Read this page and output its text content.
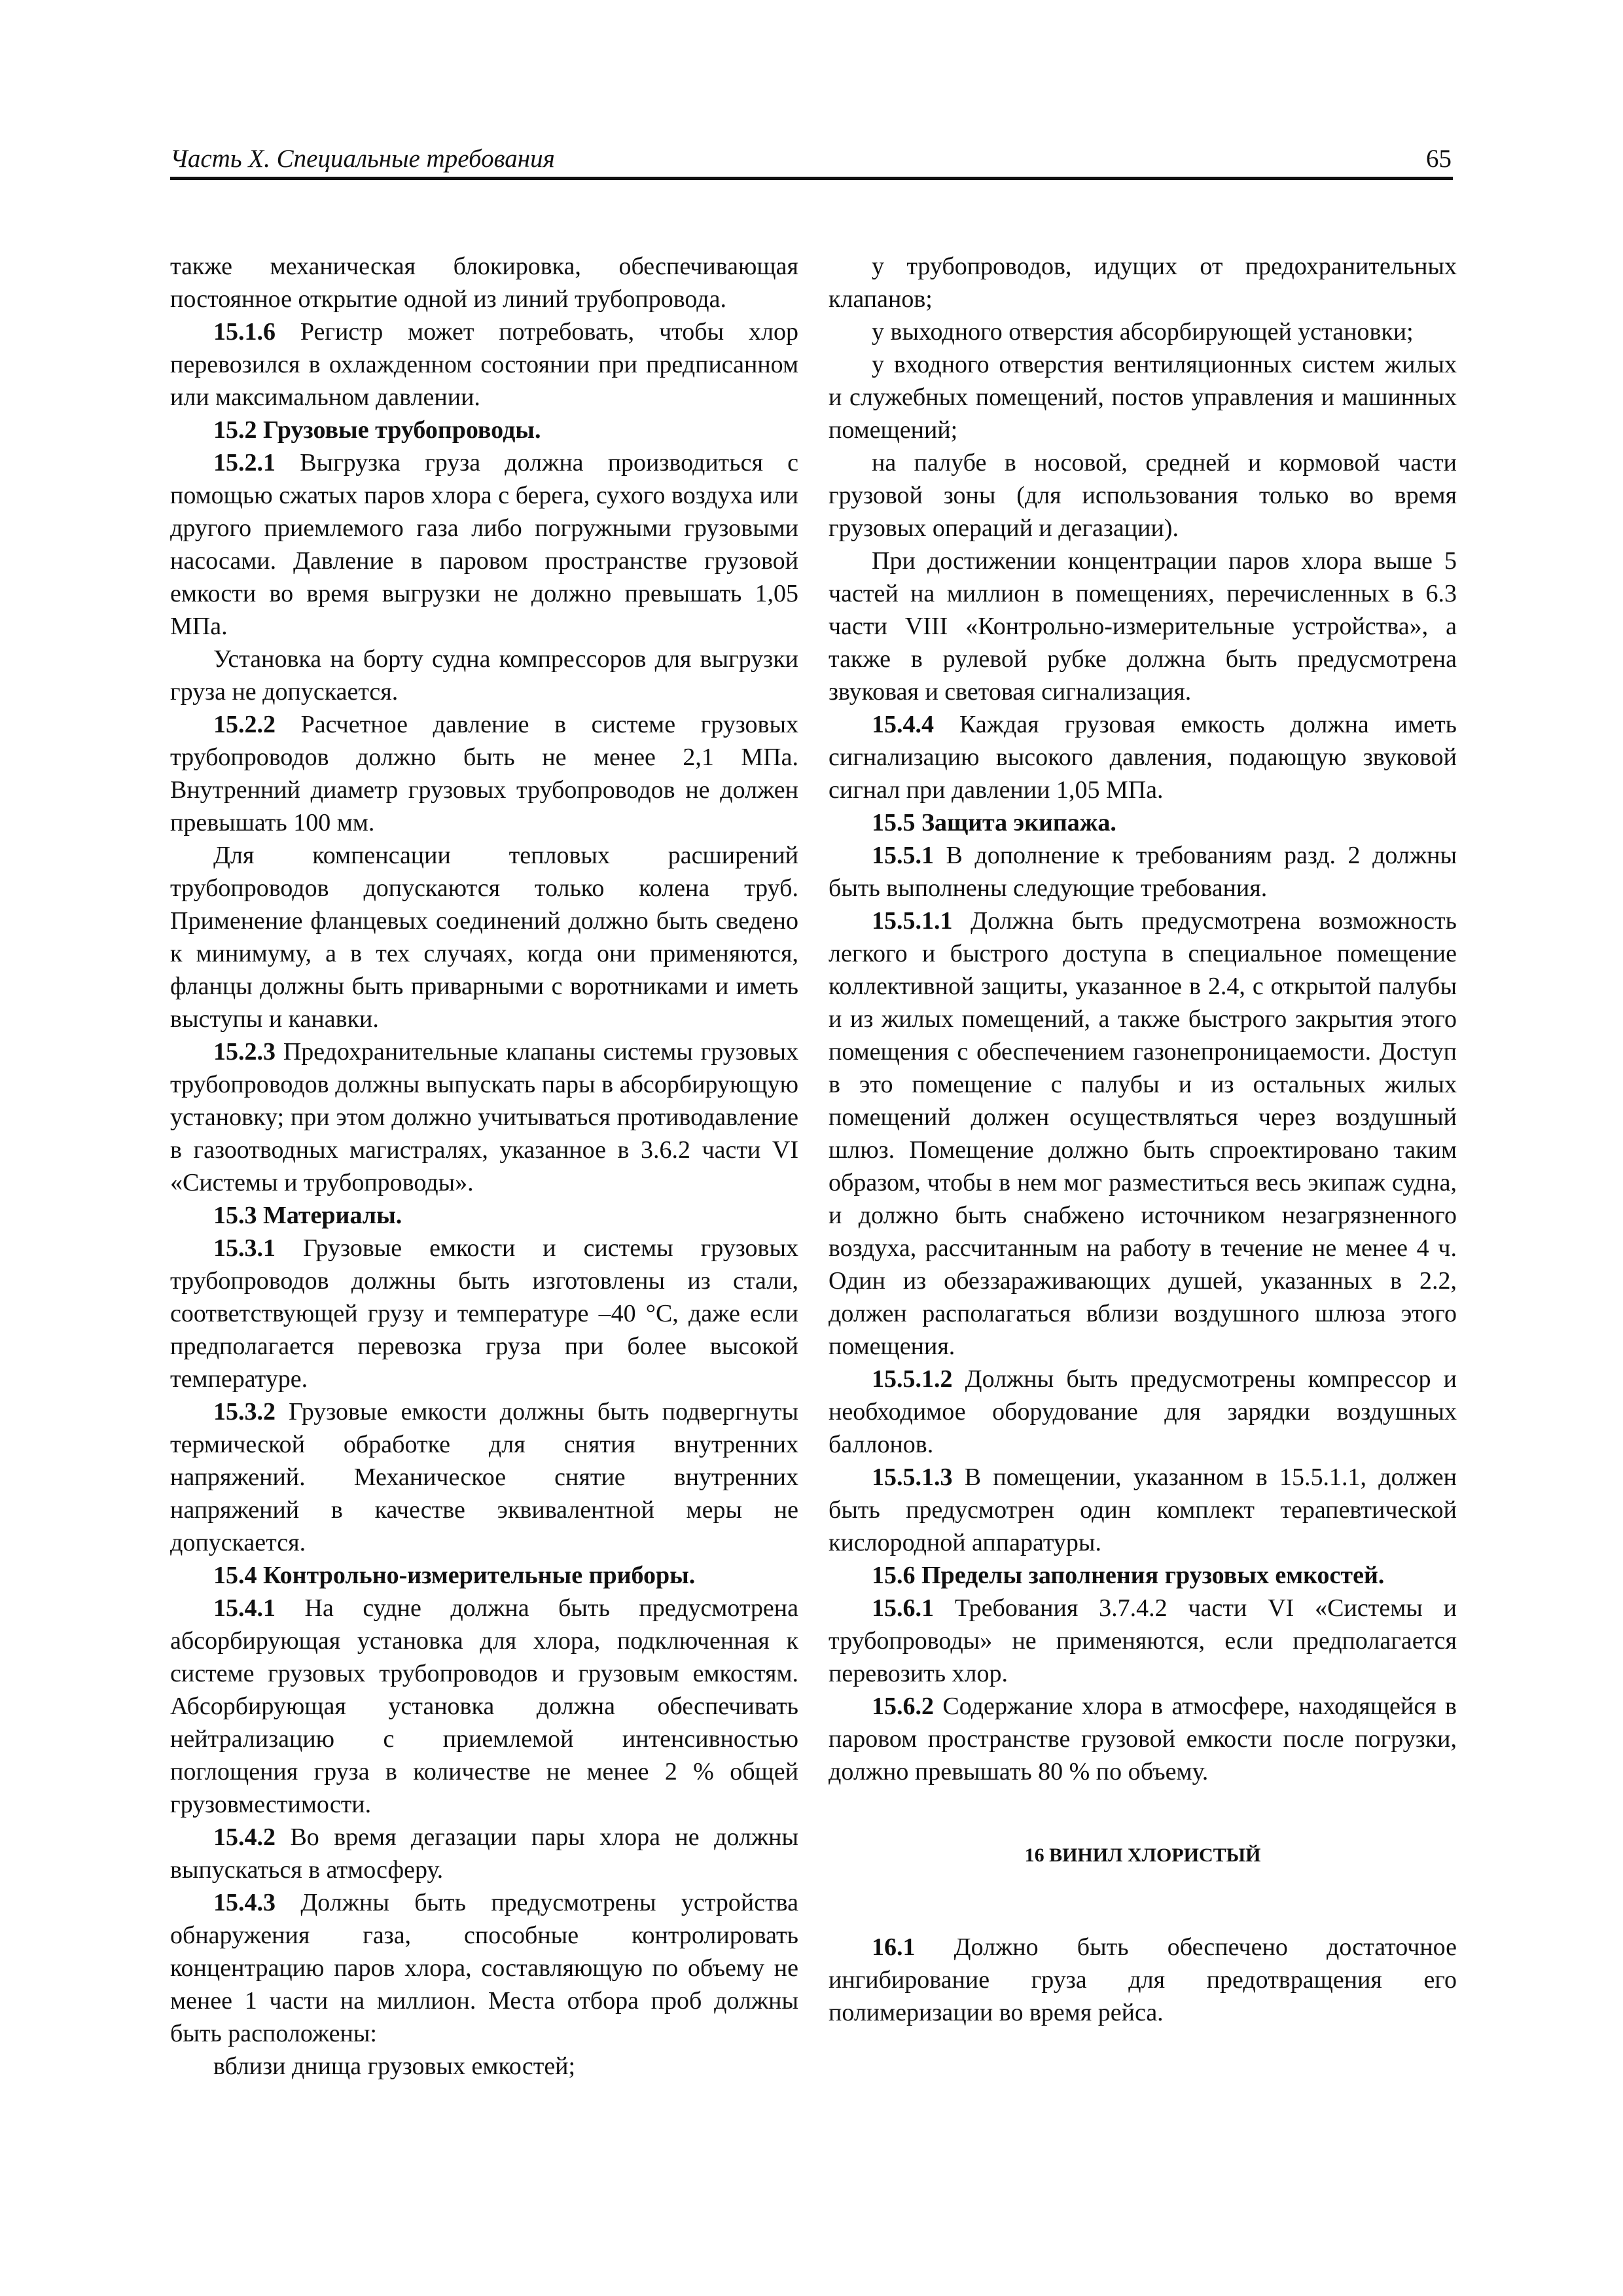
Часть X. Специальные требования	65

также механическая блокировка, обеспечивающая постоянное открытие одной из линий трубопровода.

15.1.6 Регистр может потребовать, чтобы хлор перевозился в охлажденном состоянии при предписанном или максимальном давлении.

15.2 Грузовые трубопроводы.

15.2.1 Выгрузка груза должна производиться с помощью сжатых паров хлора с берега, сухого воздуха или другого приемлемого газа либо погружными грузовыми насосами. Давление в паровом пространстве грузовой емкости во время выгрузки не должно превышать 1,05 МПа.

Установка на борту судна компрессоров для выгрузки груза не допускается.

15.2.2 Расчетное давление в системе грузовых трубопроводов должно быть не менее 2,1 МПа. Внутренний диаметр грузовых трубопроводов не должен превышать 100 мм.

Для компенсации тепловых расширений трубопроводов допускаются только колена труб. Применение фланцевых соединений должно быть сведено к минимуму, а в тех случаях, когда они применяются, фланцы должны быть приварными с воротниками и иметь выступы и канавки.

15.2.3 Предохранительные клапаны системы грузовых трубопроводов должны выпускать пары в абсорбирующую установку; при этом должно учитываться противодавление в газоотводных магистралях, указанное в 3.6.2 части VI «Системы и трубопроводы».

15.3 Материалы.

15.3.1 Грузовые емкости и системы грузовых трубопроводов должны быть изготовлены из стали, соответствующей грузу и температуре –40 °С, даже если предполагается перевозка груза при более высокой температуре.

15.3.2 Грузовые емкости должны быть подвергнуты термической обработке для снятия внутренних напряжений. Механическое снятие внутренних напряжений в качестве эквивалентной меры не допускается.

15.4 Контрольно-измерительные приборы.

15.4.1 На судне должна быть предусмотрена абсорбирующая установка для хлора, подключенная к системе грузовых трубопроводов и грузовым емкостям. Абсорбирующая установка должна обеспечивать нейтрализацию с приемлемой интенсивностью поглощения груза в количестве не менее 2 % общей грузовместимости.

15.4.2 Во время дегазации пары хлора не должны выпускаться в атмосферу.

15.4.3 Должны быть предусмотрены устройства обнаружения газа, способные контролировать концентрацию паров хлора, составляющую по объему не менее 1 части на миллион. Места отбора проб должны быть расположены:

вблизи днища грузовых емкостей;

у трубопроводов, идущих от предохранительных клапанов;

у выходного отверстия абсорбирующей установки;

у входного отверстия вентиляционных систем жилых и служебных помещений, постов управления и машинных помещений;

на палубе в носовой, средней и кормовой части грузовой зоны (для использования только во время грузовых операций и дегазации).

При достижении концентрации паров хлора выше 5 частей на миллион в помещениях, перечисленных в 6.3 части VIII «Контрольно-измерительные устройства», а также в рулевой рубке должна быть предусмотрена звуковая и световая сигнализация.

15.4.4 Каждая грузовая емкость должна иметь сигнализацию высокого давления, подающую звуковой сигнал при давлении 1,05 МПа.

15.5 Защита экипажа.

15.5.1 В дополнение к требованиям разд. 2 должны быть выполнены следующие требования.

15.5.1.1 Должна быть предусмотрена возможность легкого и быстрого доступа в специальное помещение коллективной защиты, указанное в 2.4, с открытой палубы и из жилых помещений, а также быстрого закрытия этого помещения с обеспечением газонепроницаемости. Доступ в это помещение с палубы и из остальных жилых помещений должен осуществляться через воздушный шлюз. Помещение должно быть спроектировано таким образом, чтобы в нем мог разместиться весь экипаж судна, и должно быть снабжено источником незагрязненного воздуха, рассчитанным на работу в течение не менее 4 ч. Один из обеззараживающих душей, указанных в 2.2, должен располагаться вблизи воздушного шлюза этого помещения.

15.5.1.2 Должны быть предусмотрены компрессор и необходимое оборудование для зарядки воздушных баллонов.

15.5.1.3 В помещении, указанном в 15.5.1.1, должен быть предусмотрен один комплект терапевтической кислородной аппаратуры.

15.6 Пределы заполнения грузовых емкостей.

15.6.1 Требования 3.7.4.2 части VI «Системы и трубопроводы» не применяются, если предполагается перевозить хлор.

15.6.2 Содержание хлора в атмосфере, находящейся в паровом пространстве грузовой емкости после погрузки, должно превышать 80 % по объему.

16 ВИНИЛ ХЛОРИСТЫЙ

16.1 Должно быть обеспечено достаточное ингибирование груза для предотвращения его полимеризации во время рейса.
